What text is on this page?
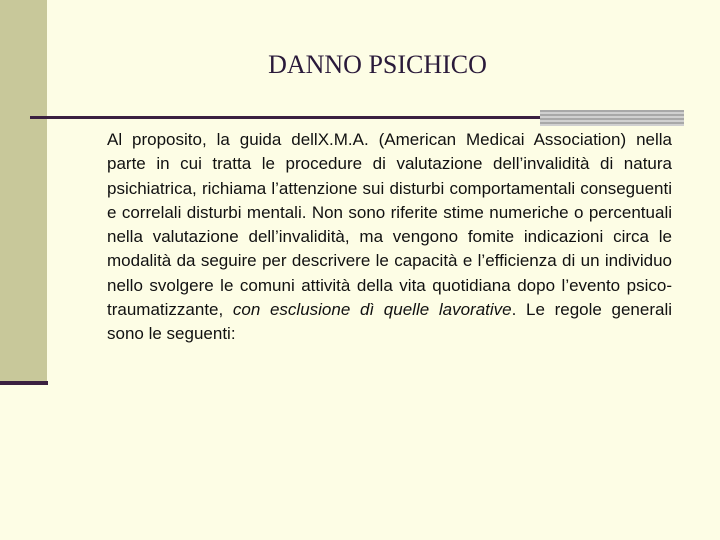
DANNO PSICHICO

Al proposito, la guida dellX.M.A. (American Medicai Association) nella parte in cui tratta le procedure di valutazione dell’invalidità di natura psichiatrica, richiama l’attenzione sui disturbi comportamentali conseguenti e correlali disturbi mentali. Non sono riferite stime numeriche o percentuali nella valutazione dell’invalidità, ma vengono fomite indicazioni circa le modalità da seguire per descrivere le capacità e l’efficienza di un individuo nello svolgere le comuni attività della vita quotidiana dopo l’evento psico-traumatizzante, con esclusione dì quelle lavorative. Le regole generali sono le seguenti:
